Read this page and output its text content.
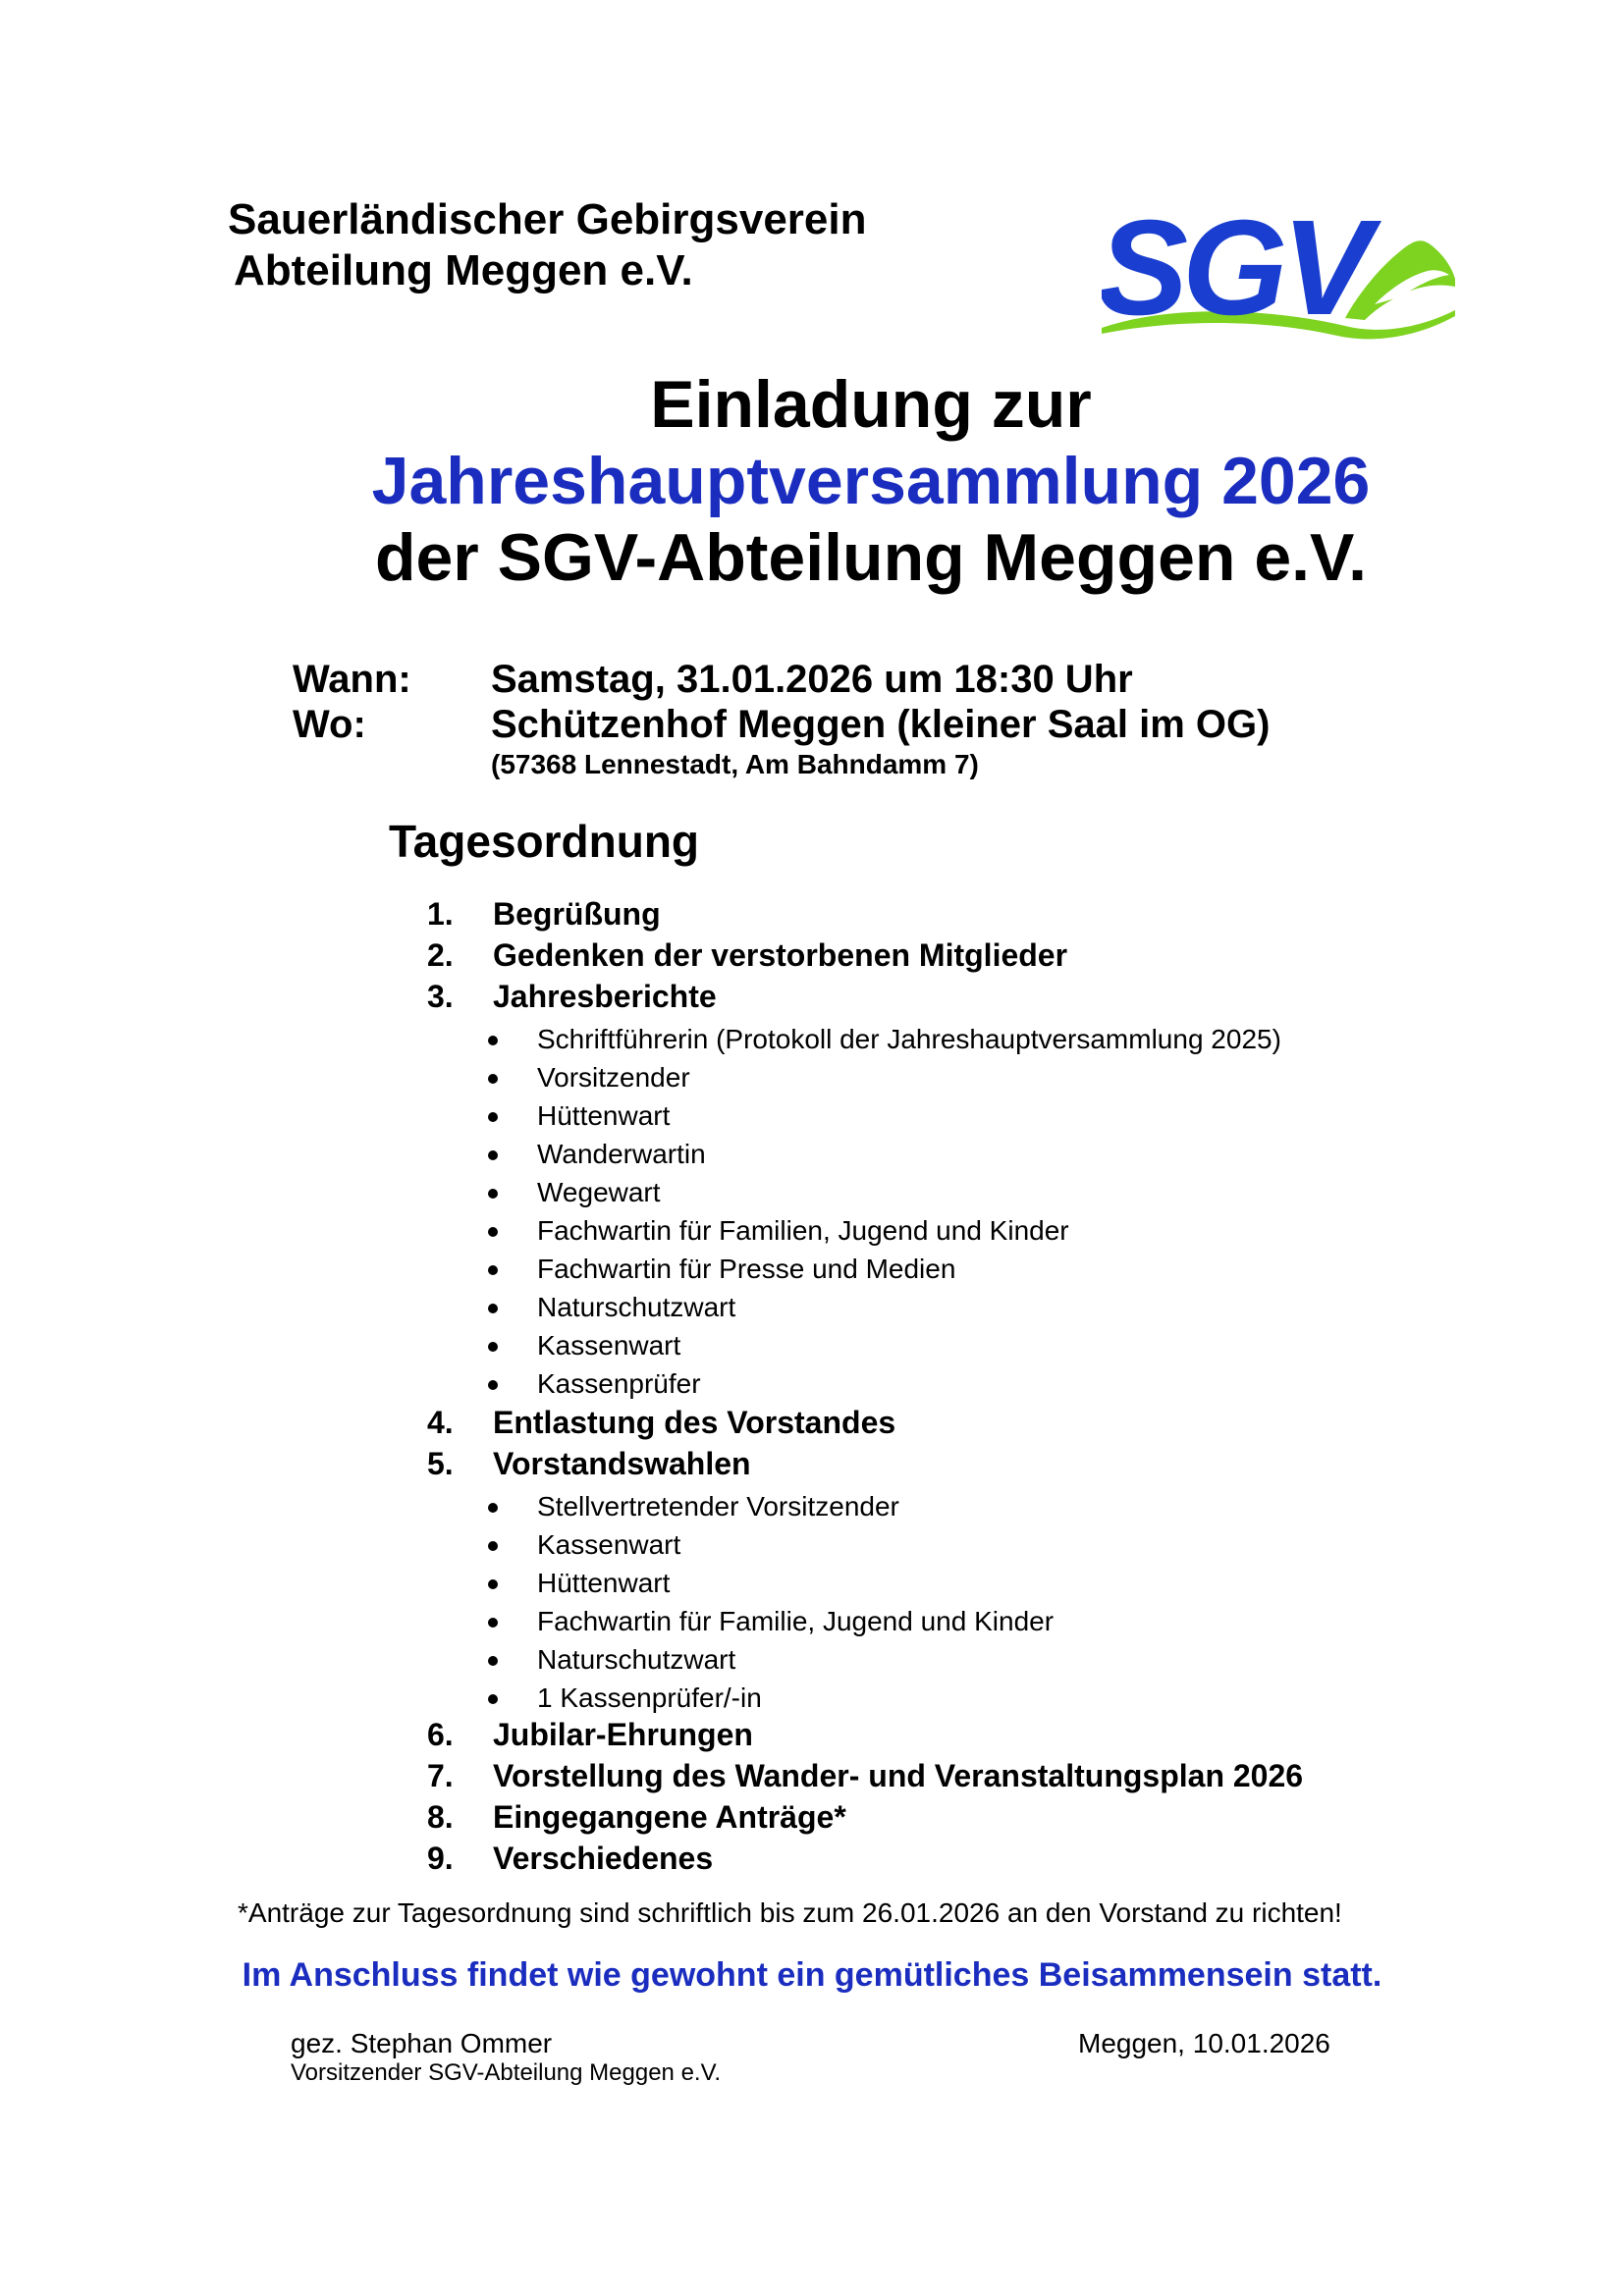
Sauerländischer Gebirgsverein
Abteilung Meggen e.V.	SGV
Einladung zur
Jahreshauptversammlung 2026
der SGV-Abteilung Meggen e.V.
Wann: Samstag, 31.01.2026 um 18:30 Uhr
Wo:	Schützenhof Meggen (kleiner Saal im OG)
(57368 Lennestadt, Am Bahndamm 7)
Tagesordnung
1. Begrüßung
2. Gedenken der verstorbenen Mitglieder
3. Jahresberichte
Schriftführerin (Protokoll der Jahreshauptversammlung 2025)
Vorsitzender
Hüttenwart
Wanderwartin
Wegewart
Fachwartin für Familien, Jugend und Kinder
Fachwartin für Presse und Medien
Naturschutzwart
Kassenwart
Kassenprüfer
4. Entlastung des Vorstandes
5. Vorstandswahlen
Stellvertretender Vorsitzender
Kassenwart
Hüttenwart
Fachwartin für Familie, Jugend und Kinder
Naturschutzwart
1 Kassenprüfer/-in
6. Jubilar-Ehrungen
7. Vorstellung des Wander- und Veranstaltungsplan 2026
8. Eingegangene Anträge*
9. Verschiedenes
*Anträge zur Tagesordnung sind schriftlich bis zum 26.01.2026 an den Vorstand zu richten!
Im Anschluss findet wie gewohnt ein gemütliches Beisammensein statt.
gez. Stephan Ommer
Vorsitzender SGV-Abteilung Meggen e.V.
Meggen, 10.01.2026
